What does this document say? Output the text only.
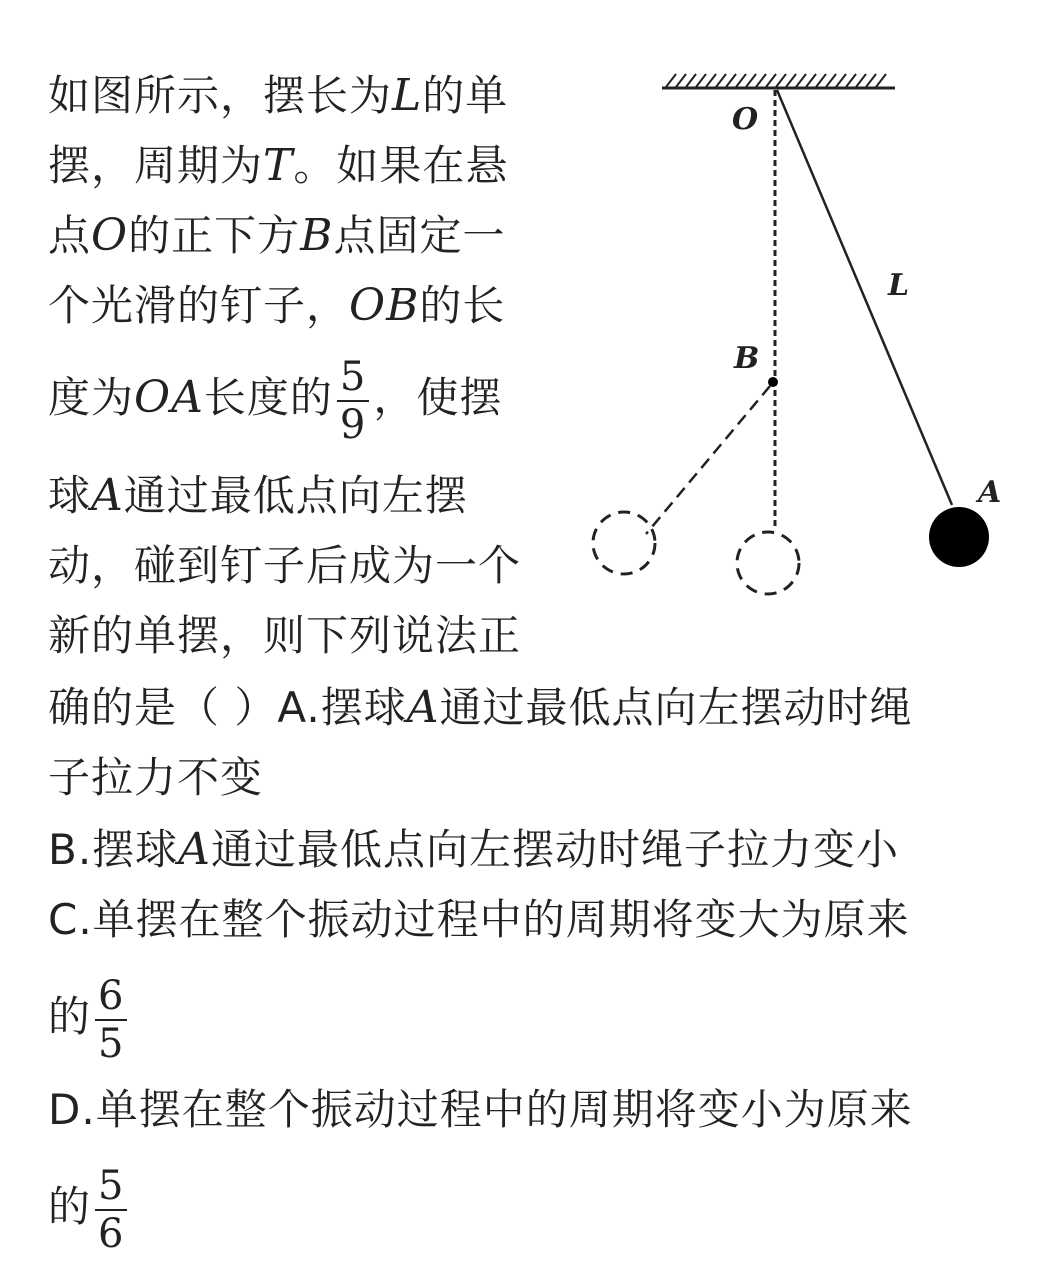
如图所示，摆长为L的单
摆，周期为T。如果在悬
点O的正下方B点固定一
个光滑的钉子，OB的长
度为OA长度的 $\frac{5}{9}$ ，使摆
球A通过最低点向左摆
动，碰到钉子后成为一个
新的单摆，则下列说法正
确的是（ ）A.摆球A通过最低点向左摆动时绳
子拉力不变
B.摆球A通过最低点向左摆动时绳子拉力变小
C.单摆在整个振动过程中的周期将变大为原来
的 $\frac{6}{5}$
D.单摆在整个振动过程中的周期将变小为原来
的 $\frac{5}{6}$
O
L
B
A
